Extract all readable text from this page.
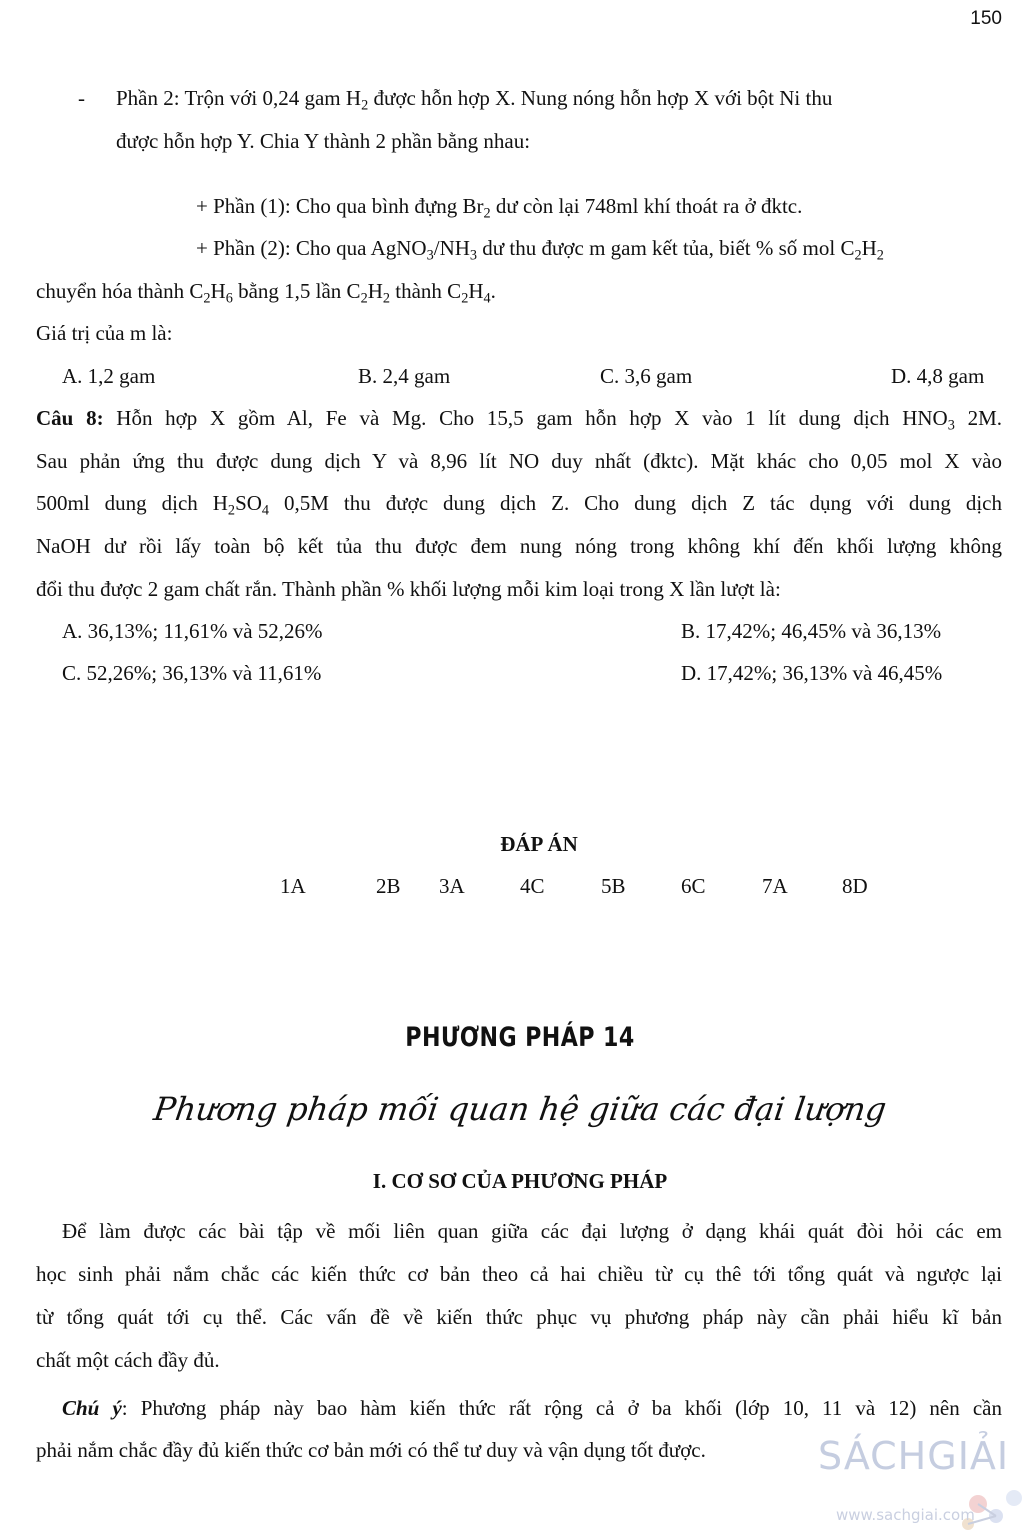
150
- Phần 2: Trộn với 0,24 gam $H_2$ được hỗn hợp X. Nung nóng hỗn hợp X với bột Ni thu
được hỗn hợp Y. Chia Y thành 2 phần bằng nhau:
+ Phần (1): Cho qua bình đựng $Br_2$ dư còn lại 748ml khí thoát ra ở đktc.
+ Phần (2): Cho qua $AgNO_3/NH_3$ dư thu được m gam kết tủa, biết % số mol $C_2H_2$
chuyển hóa thành $C_2H_6$ bằng 1,5 lần $C_2H_2$ thành $C_2H_4$.
Giá trị của m là:
A. 1,2 gam	B. 2,4 gam	C. 3,6 gam	D. 4,8 gam
Câu 8: Hỗn hợp X gồm Al, Fe và Mg. Cho 15,5 gam hỗn hợp X vào 1 lít dung dịch $HNO_3$ 2M.
Sau phản ứng thu được dung dịch Y và 8,96 lít NO duy nhất (đktc). Mặt khác cho 0,05 mol X vào
500ml dung dịch $H_2SO_4$ 0,5M thu được dung dịch Z. Cho dung dịch Z tác dụng với dung dịch
NaOH dư rồi lấy toàn bộ kết tủa thu được đem nung nóng trong không khí đến khối lượng không
đổi thu được 2 gam chất rắn. Thành phần % khối lượng mỗi kim loại trong X lần lượt là:
A. 36,13%; 11,61% và 52,26%	B. 17,42%; 46,45% và 36,13%
C. 52,26%; 36,13% và 11,61%	D. 17,42%; 36,13% và 46,45%
ĐÁP ÁN
1A	2B 3A	4C	5B	6C	7A	8D
PHƯƠNG PHÁP 14
Phương pháp mối quan hệ giữa các đại lượng
I. CƠ SƠ CỦA PHƯƠNG PHÁP
Để làm được các bài tập về mối liên quan giữa các đại lượng ở dạng khái quát đòi hỏi các em
học sinh phải nắm chắc các kiến thức cơ bản theo cả hai chiều từ cụ thê tới tổng quát và ngược lại
từ tổng quát tới cụ thể. Các vấn đề về kiến thức phục vụ phương pháp này cần phải hiểu kĩ bản
chất một cách đầy đủ.
Chú ý: Phương pháp này bao hàm kiến thức rất rộng cả ở ba khối (lớp 10, 11 và 12) nên cần
phải nắm chắc đầy đủ kiến thức cơ bản mới có thể tư duy và vận dụng tốt được.	SÁCHGIẢI
www.sachgiai.com
